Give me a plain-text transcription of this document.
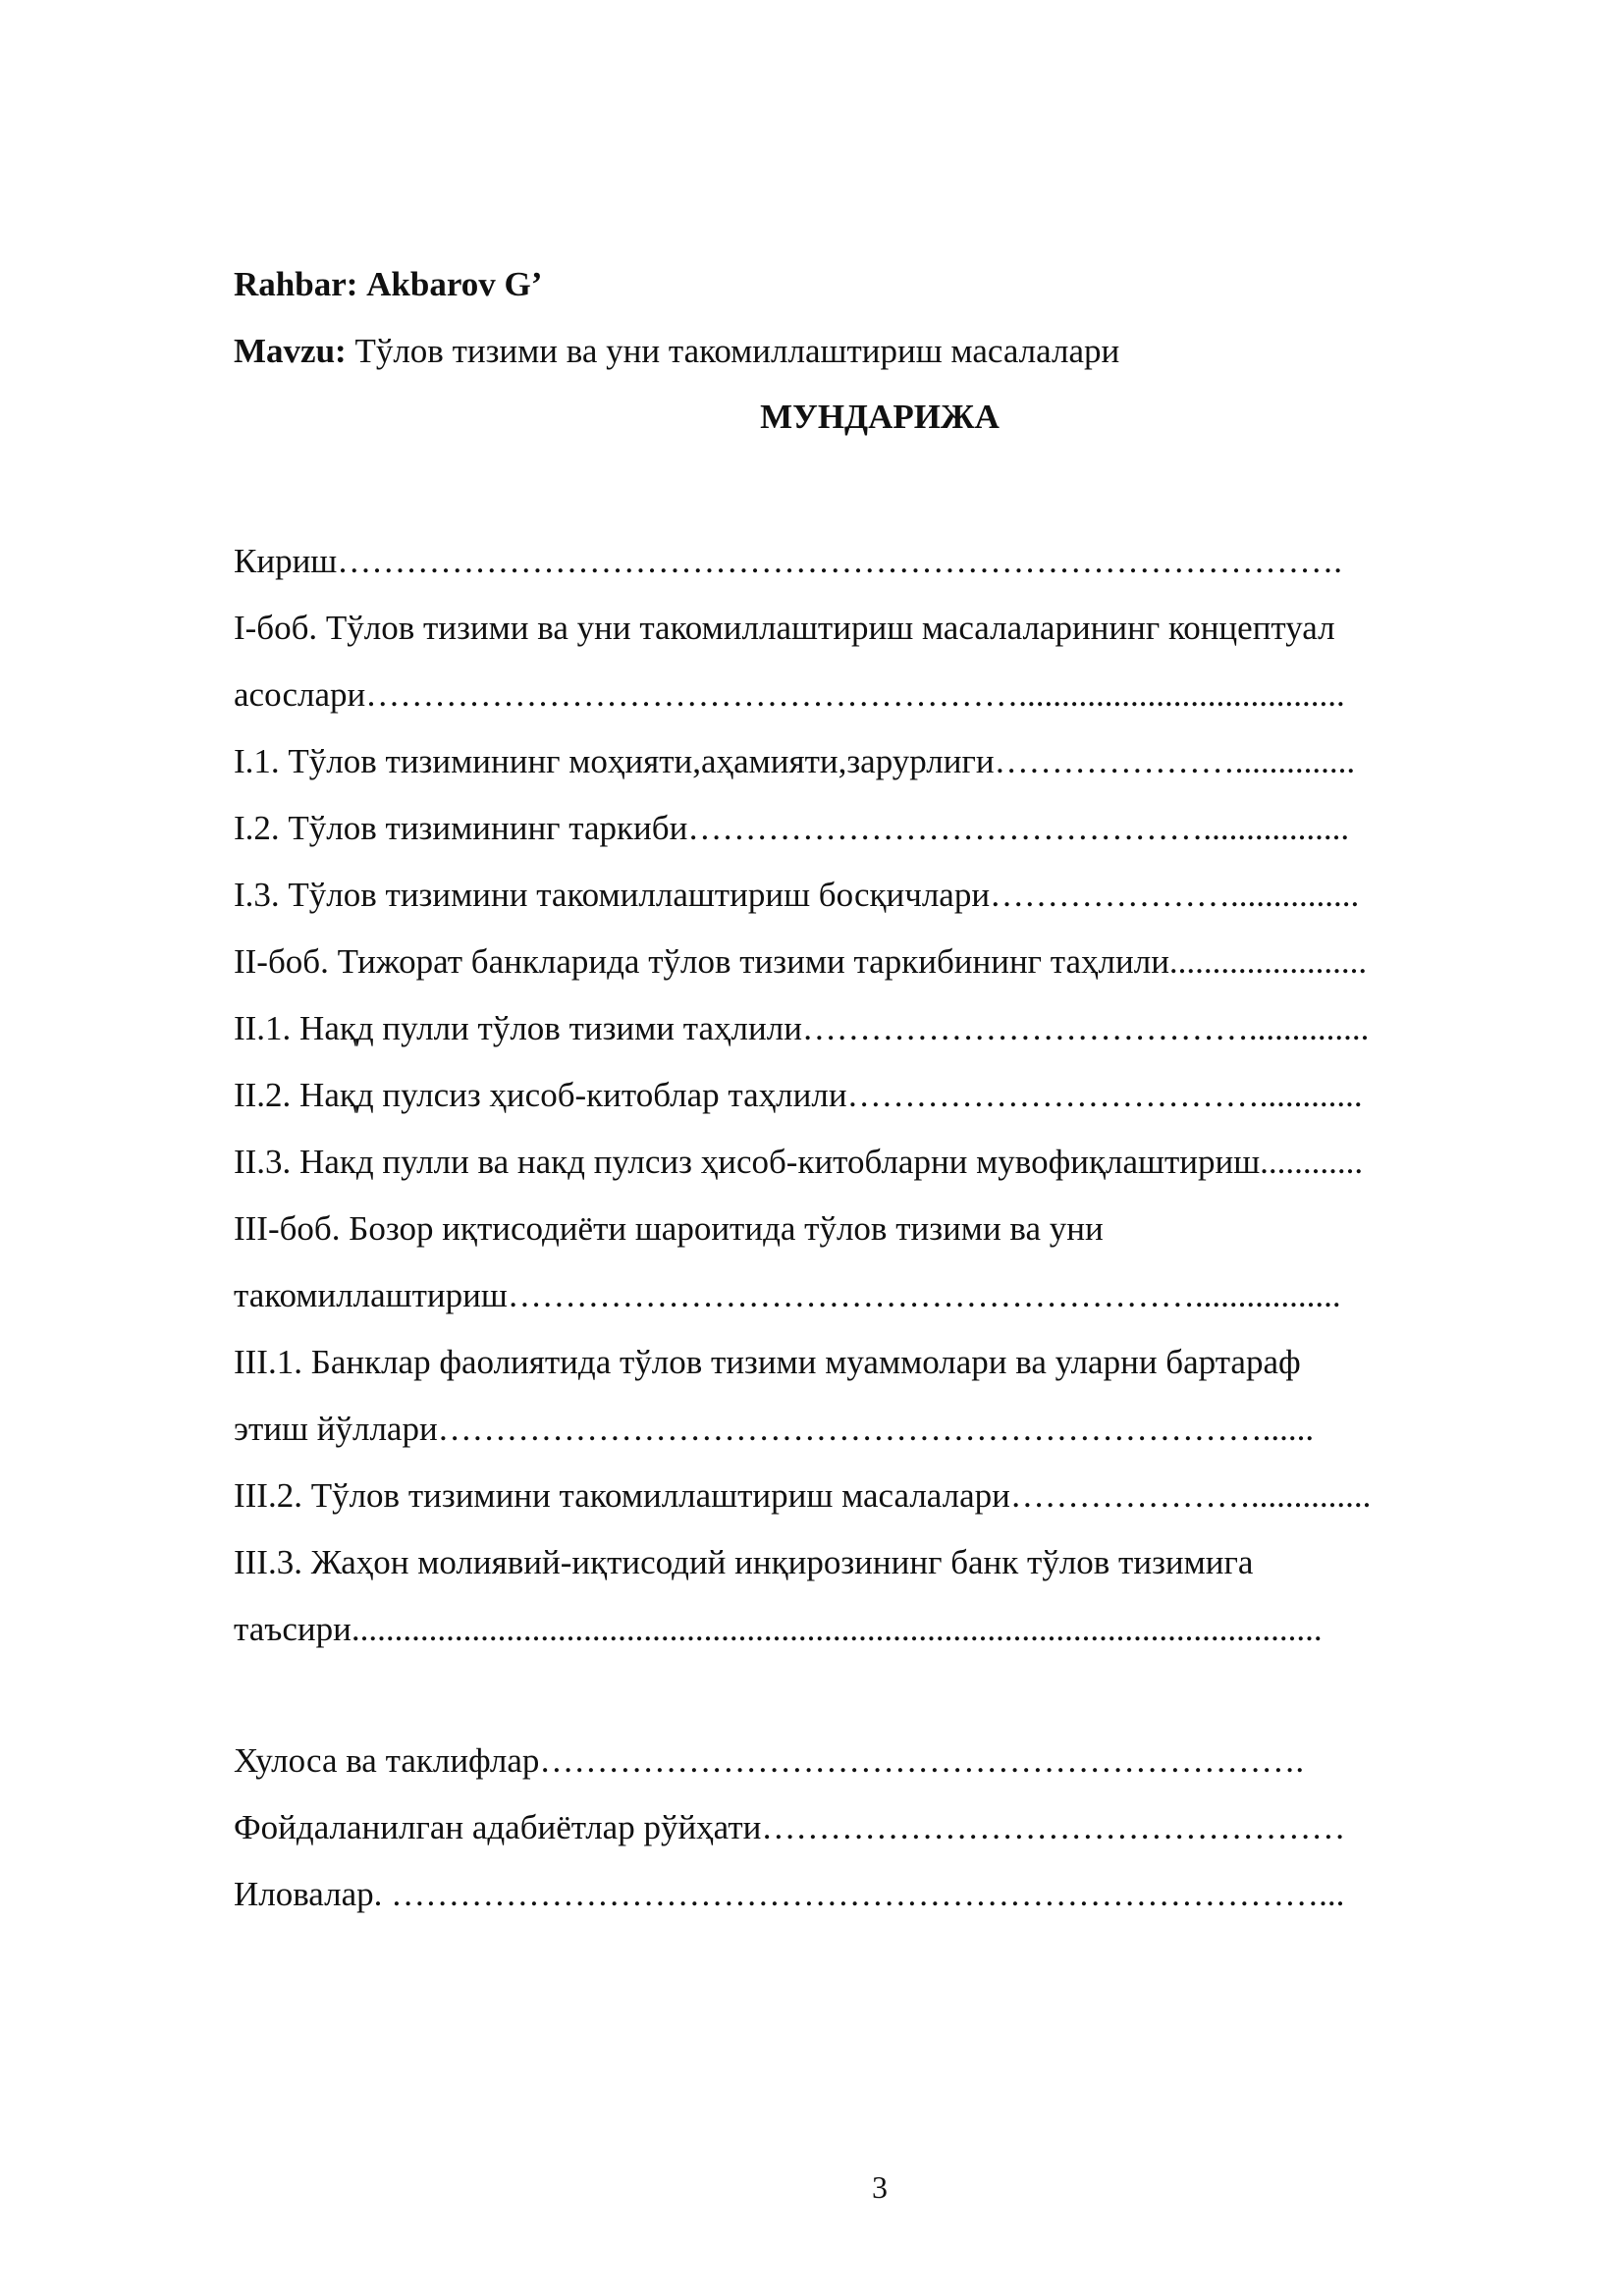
Rahbar: Akbarov G’
Mavzu: Тўлов тизими ва уни такомиллаштириш масалалари
МУНДАРИЖА
Кириш…………………………………………………………………………….
I-боб. Тўлов тизими ва уни такомиллаштириш масалаларининг концептуал
асослари…………………………………………………......................................
I.1. Тўлов тизимининг моҳияти,аҳамияти,зарурлиги…………………..............
I.2. Тўлов тизимининг таркиби……………………………………….................
I.3. Тўлов тизимини такомиллаштириш босқичлари…………………...............
II-боб. Тижорат банкларида тўлов тизими таркибининг таҳлили.......................
II.1. Нақд пулли тўлов тизими таҳлили…………………………………..............
II.2. Нақд пулсиз ҳисоб-китоблар таҳлили………………………………............
II.3. Накд пулли ва накд пулсиз ҳисоб-китобларни мувофиқлаштириш............
III-боб. Бозор иқтисодиёти шароитида тўлов тизими ва уни
такомиллаштириш…………………………………………………….................
III.1. Банклар фаолиятида тўлов тизими муаммолари ва уларни бартараф
этиш йўллари………………………………………………………………......
III.2. Тўлов тизимини такомиллаштириш масалалари…………………..............
III.3. Жаҳон молиявий-иқтисодий инқирозининг банк тўлов тизимига
таъсири.................................................................................................................
Хулоса ва таклифлар………………………………………………………….
Фойдаланилган адабиётлар рўйҳати……………………………………………
Иловалар. ………………………………………………………………………...
3
